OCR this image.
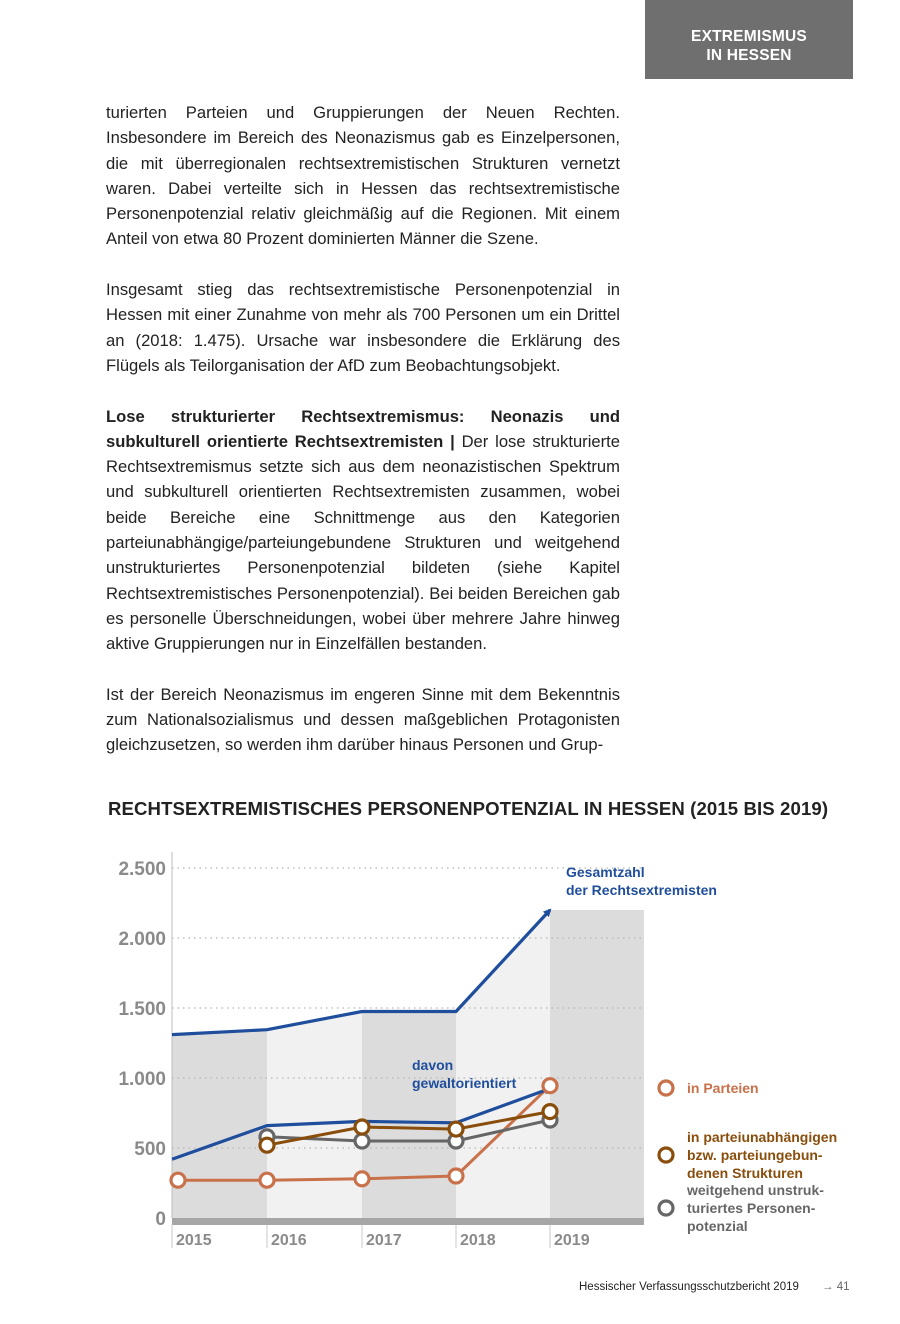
EXTREMISMUS
IN HESSEN

turierten Parteien und Gruppierungen der Neuen Rechten. Insbesondere im Bereich des Neonazismus gab es Einzelpersonen, die mit überregionalen rechtsextremistischen Strukturen vernetzt waren. Dabei verteilte sich in Hessen das rechtsextremistische Personenpotenzial relativ gleichmäßig auf die Regionen. Mit einem Anteil von etwa 80 Prozent dominierten Männer die Szene.

Insgesamt stieg das rechtsextremistische Personenpotenzial in Hessen mit einer Zunahme von mehr als 700 Personen um ein Drittel an (2018: 1.475). Ursache war insbesondere die Erklärung des Flügels als Teilorganisation der AfD zum Beobachtungsobjekt.

Lose strukturierter Rechtsextremismus: Neonazis und subkulturell orientierte Rechtsextremisten | Der lose strukturierte Rechtsextremismus setzte sich aus dem neonazistischen Spektrum und subkulturell orientierten Rechtsextremisten zusammen, wobei beide Bereiche eine Schnittmenge aus den Kategorien parteiunabhängige/parteiungebundene Strukturen und weitgehend unstrukturiertes Personenpotenzial bildeten (siehe Kapitel Rechtsextremistisches Personenpotenzial). Bei beiden Bereichen gab es personelle Überschneidungen, wobei über mehrere Jahre hinweg aktive Gruppierungen nur in Einzelfällen bestanden.

Ist der Bereich Neonazismus im engeren Sinne mit dem Bekenntnis zum Nationalsozialismus und dessen maßgeblichen Protagonisten gleichzusetzen, so werden ihm darüber hinaus Personen und Grup-

RECHTSEXTREMISTISCHES PERSONENPOTENZIAL IN HESSEN (2015 BIS 2019)
0
500
1.000
1.500
2.000
2.500
2015	2016	2017	2018	2019
Gesamtzahl
der Rechtsextremisten
davon
gewaltorientiert	in Parteien
in parteiunabhängigen
bzw. parteiungebun-
denen Strukturen
weitgehend unstruk-
turiertes Personen-
potenzial
Hessischer Verfassungsschutzbericht 2019 → 41
